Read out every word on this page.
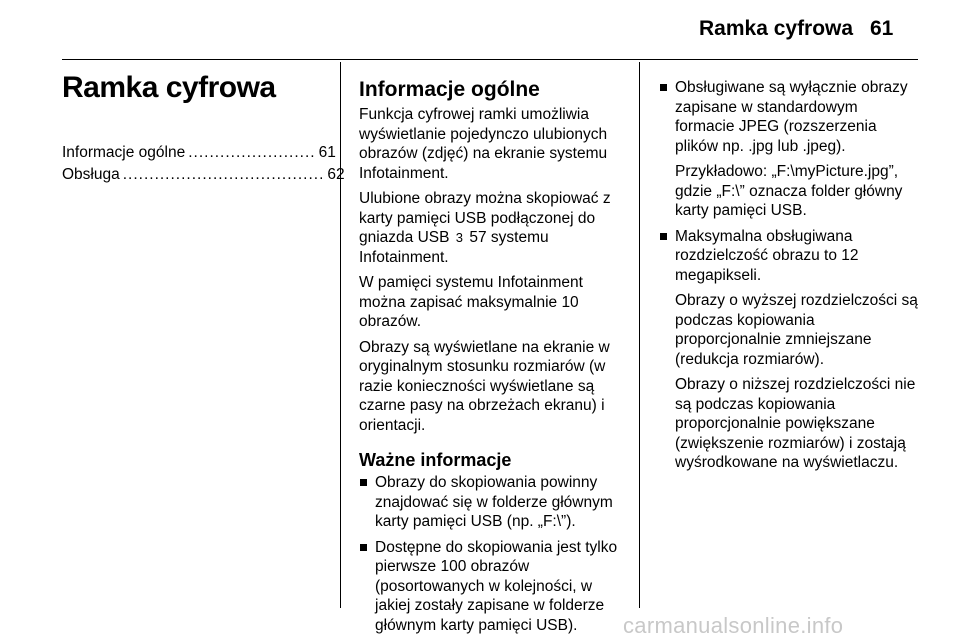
Ramka cyfrowa 61
Ramka cyfrowa
Informacje ogólne ........................ 61
Obsługa ...................................... 62
Informacje ogólne

Funkcja cyfrowej ramki umożliwia wyświetlanie pojedynczo ulubionych obrazów (zdjęć) na ekranie systemu Infotainment.

Ulubione obrazy można skopiować z karty pamięci USB podłączonej do gniazda USB 3 57 systemu Infotainment.

W pamięci systemu Infotainment można zapisać maksymalnie 10 obrazów.

Obrazy są wyświetlane na ekranie w oryginalnym stosunku rozmiarów (w razie konieczności wyświetlane są czarne pasy na obrzeżach ekranu) i orientacji.

Ważne informacje
Obrazy do skopiowania powinny znajdować się w folderze głównym karty pamięci USB (np. „F:\”).
Dostępne do skopiowania jest tylko pierwsze 100 obrazów (posortowanych w kolejności, w jakiej zostały zapisane w folderze głównym karty pamięci USB).

Obsługiwane są wyłącznie obrazy zapisane w standardowym formacie JPEG (rozszerzenia plików np. .jpg lub .jpeg).

Przykładowo: „F:\myPicture.jpg”, gdzie „F:\” oznacza folder główny karty pamięci USB.

Maksymalna obsługiwana rozdzielczość obrazu to 12 megapikseli.

Obrazy o wyższej rozdzielczości są podczas kopiowania proporcjonalnie zmniejszane (redukcja rozmiarów).

Obrazy o niższej rozdzielczości nie są podczas kopiowania proporcjonalnie powiększane (zwiększenie rozmiarów) i zostają wyśrodkowane na wyświetlaczu.

carmanualsonline.info
